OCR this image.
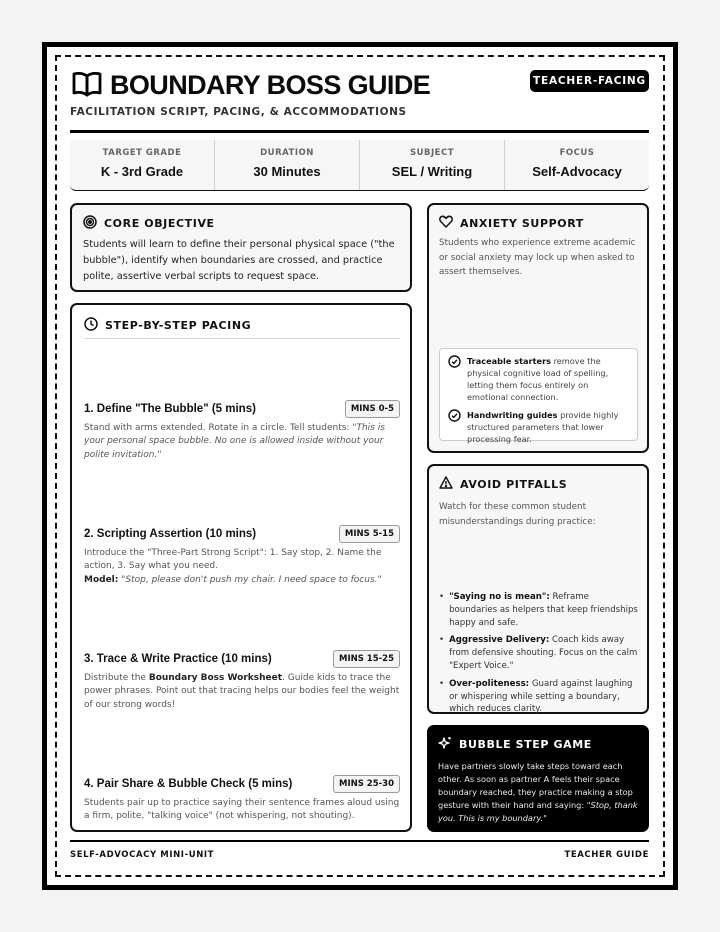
BOUNDARY BOSS GUIDE	TEACHER-FACING
FACILITATION SCRIPT, PACING, & ACCOMMODATIONS
TARGET GRADE
K - 3rd Grade
DURATION
30 Minutes
SUBJECT
SEL / Writing
FOCUS
Self-Advocacy
CORE OBJECTIVE
Students will learn to define their personal physical space ("the bubble"), identify when boundaries are crossed, and practice polite, assertive verbal scripts to request space.
STEP-BY-STEP PACING
1. Define "The Bubble" (5 mins)	MINS 0-5
Stand with arms extended. Rotate in a circle. Tell students: "This is your personal space bubble. No one is allowed inside without your polite invitation."
2. Scripting Assertion (10 mins)	MINS 5-15
Introduce the "Three-Part Strong Script": 1. Say stop, 2. Name the action, 3. Say what you need.
Model: "Stop, please don't push my chair. I need space to focus."
3. Trace & Write Practice (10 mins)	MINS 15-25
Distribute the Boundary Boss Worksheet. Guide kids to trace the power phrases. Point out that tracing helps our bodies feel the weight of our strong words!
4. Pair Share & Bubble Check (5 mins)	MINS 25-30
Students pair up to practice saying their sentence frames aloud using a firm, polite, "talking voice" (not whispering, not shouting).
ANXIETY SUPPORT
Students who experience extreme academic or social anxiety may lock up when asked to assert themselves.
Traceable starters remove the physical cognitive load of spelling, letting them focus entirely on emotional connection.
Handwriting guides provide highly structured parameters that lower processing fear.
AVOID PITFALLS
Watch for these common student misunderstandings during practice:
• "Saying no is mean": Reframe boundaries as helpers that keep friendships happy and safe.
• Aggressive Delivery: Coach kids away from defensive shouting. Focus on the calm "Expert Voice."
• Over-politeness: Guard against laughing or whispering while setting a boundary, which reduces clarity.
BUBBLE STEP GAME
Have partners slowly take steps toward each other. As soon as partner A feels their space boundary reached, they practice making a stop gesture with their hand and saying: "Stop, thank you. This is my boundary."
SELF-ADVOCACY MINI-UNIT	TEACHER GUIDE
